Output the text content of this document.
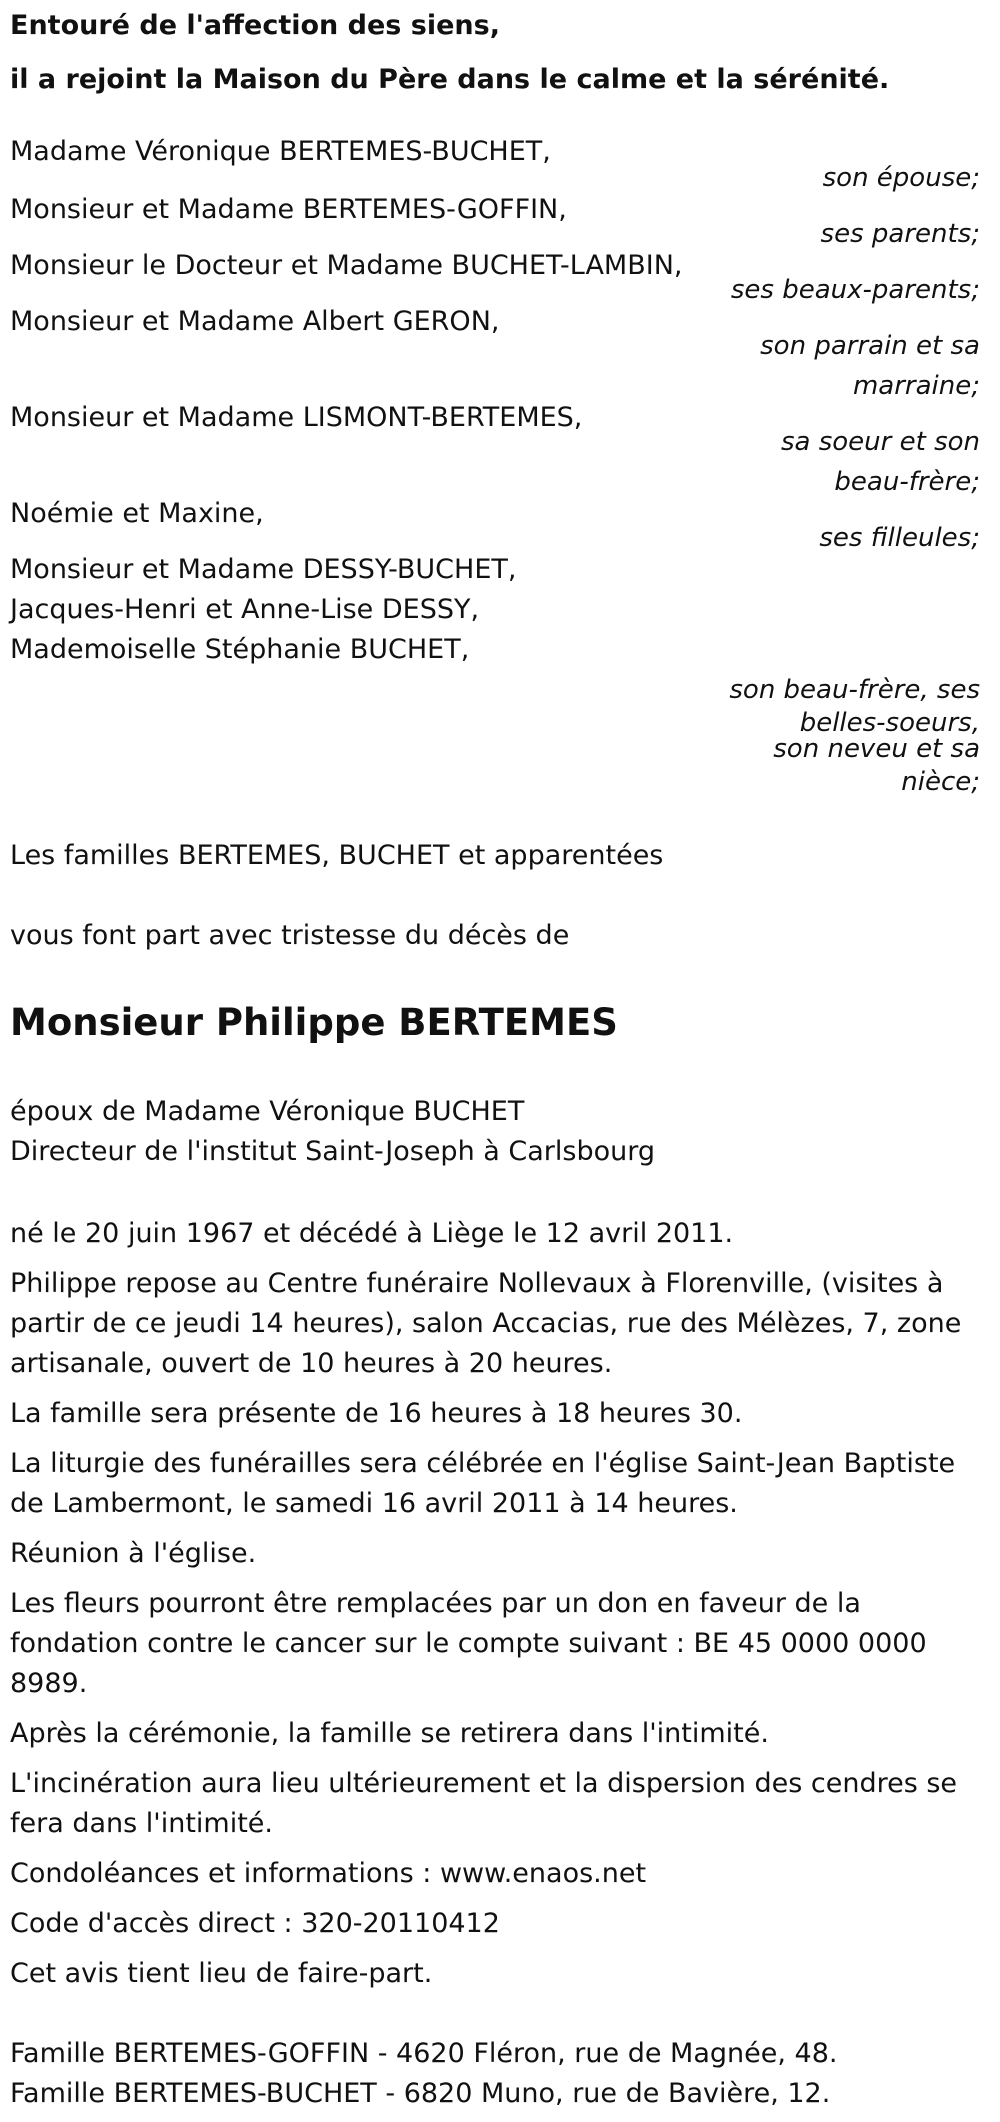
Entouré de l'affection des siens,
il a rejoint la Maison du Père dans le calme et la sérénité.
Madame Véronique BERTEMES-BUCHET,
son épouse;
Monsieur et Madame BERTEMES-GOFFIN,
ses parents;
Monsieur le Docteur et Madame BUCHET-LAMBIN,
ses beaux-parents;
Monsieur et Madame Albert GERON,
son parrain et sa
marraine;
Monsieur et Madame LISMONT-BERTEMES,
sa soeur et son
beau-frère;
Noémie et Maxine,
ses filleules;
Monsieur et Madame DESSY-BUCHET,
Jacques-Henri et Anne-Lise DESSY,
Mademoiselle Stéphanie BUCHET,
son beau-frère, ses
belles-soeurs,
son neveu et sa
nièce;
Les familles BERTEMES, BUCHET et apparentées
vous font part avec tristesse du décès de
Monsieur Philippe BERTEMES
époux de Madame Véronique BUCHET
Directeur de l'institut Saint-Joseph à Carlsbourg
né le 20 juin 1967 et décédé à Liège le 12 avril 2011.
Philippe repose au Centre funéraire Nollevaux à Florenville, (visites à partir de ce jeudi 14 heures), salon Accacias, rue des Mélèzes, 7, zone artisanale, ouvert de 10 heures à 20 heures.
La famille sera présente de 16 heures à 18 heures 30.
La liturgie des funérailles sera célébrée en l'église Saint-Jean Baptiste de Lambermont, le samedi 16 avril 2011 à 14 heures.
Réunion à l'église.
Les fleurs pourront être remplacées par un don en faveur de la fondation contre le cancer sur le compte suivant : BE 45 0000 0000 8989.
Après la cérémonie, la famille se retirera dans l'intimité.
L'incinération aura lieu ultérieurement et la dispersion des cendres se fera dans l'intimité.
Condoléances et informations : www.enaos.net
Code d'accès direct : 320-20110412
Cet avis tient lieu de faire-part.
Famille BERTEMES-GOFFIN - 4620 Fléron, rue de Magnée, 48.
Famille BERTEMES-BUCHET - 6820 Muno, rue de Bavière, 12.
